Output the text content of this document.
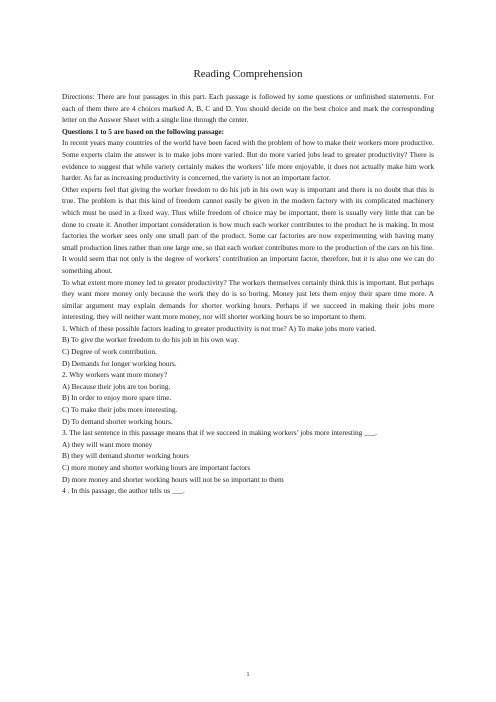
Reading Comprehension

Directions: There are four passages in this part. Each passage is followed by some questions or unfinished statements. For each of them there are 4 choices marked A, B, C and D. You should decide on the best choice and mark the corresponding letter on the Answer Sheet with a single line through the center.

Questions 1 to 5 are based on the following passage:

In recent years many countries of the world have been faced with the problem of how to make their workers more productive. Some experts claim the answer is to make jobs more varied. But do more varied jobs lead to greater productivity? There is evidence to suggest that while variety certainly makes the workers’ life more enjoyable, it does not actually make him work harder. As far as increasing productivity is concerned, the variety is not an important factor.

Other experts feel that giving the worker freedom to do his job in his own way is important and there is no doubt that this is true. The problem is that this kind of freedom cannot easily be given in the modern factory with its complicated machinery which must be used in a fixed way. Thus while freedom of choice may be important, there is usually very little that can be done to create it. Another important consideration is how much each worker contributes to the product he is making. In most factories the worker sees only one small part of the product. Some car factories are now experimenting with having many small production lines rather than one large one, so that each worker contributes more to the production of the cars on his line. It would seem that not only is the degree of workers’ contribution an important factor, therefore, but it is also one we can do something about.

To what extent more money led to greater productivity? The workers themselves certainly think this is important. But perhaps they want more money only because the work they do is so boring. Money just lets them enjoy their spare time more. A similar argument may explain demands for shorter working hours. Perhaps if we succeed in making their jobs more interesting, they will neither want more money, nor will shorter working hours be so important to them.

1. Which of these possible factors leading to greater productivity is not true? A) To make jobs more varied.

B) To give the worker freedom to do his job in his own way.

C) Degree of work contribution.

D) Demands for longer working hours.

2. Why workers want more money?

A) Because their jobs are too boring.

B) In order to enjoy more spare time.

C) To make their jobs more interesting.

D) To demand shorter working hours.

3. The last sentence in this passage means that if we succeed in making workers’ jobs more interesting ___.

A) they will want more money

B) they will demand shorter working hours

C) more money and shorter working hours are important factors

D) more money and shorter working hours will not be so important to them

4 . In this passage, the author tells us ___.

1
